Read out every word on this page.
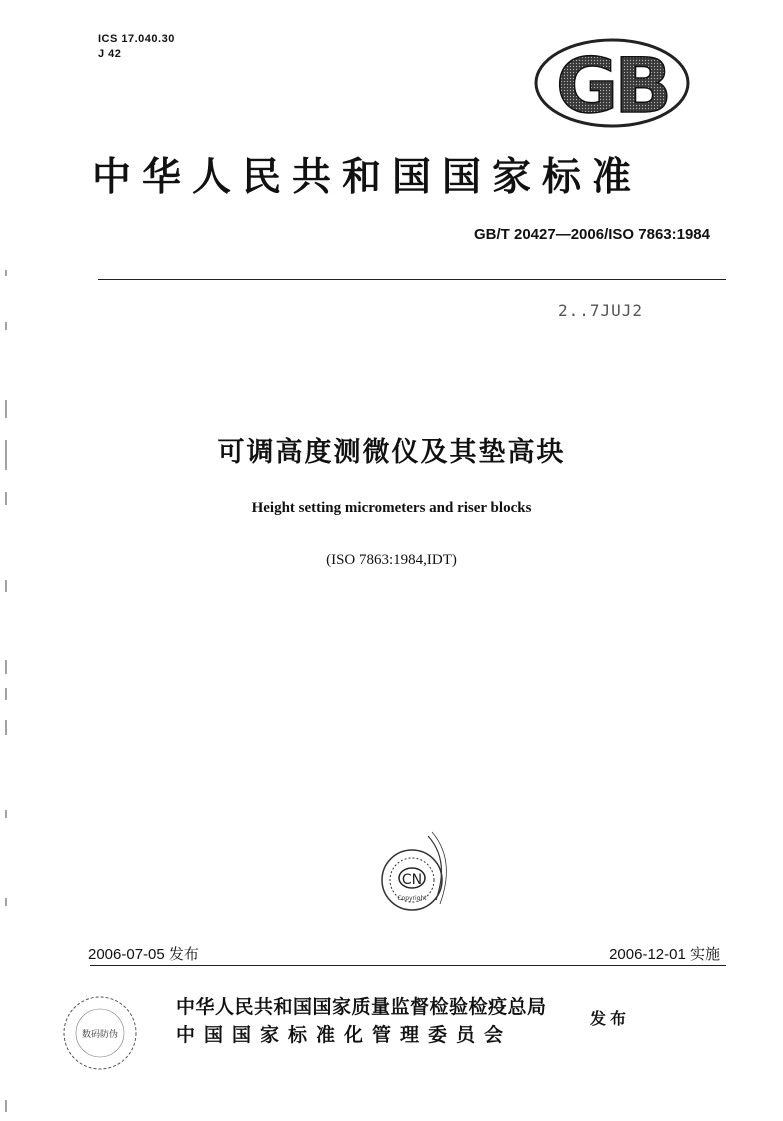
ICS 17.040.30
J 42	GB
中华人民共和国国家标准
GB/T 20427—2006/ISO 7863:1984
2..7JUJ2
可调高度测微仪及其垫高块
Height setting micrometers and riser blocks
(ISO 7863:1984,IDT)
CN
Copyright
2006-07-05 发布	2006-12-01 实施
数码防伪
中华人民共和国国家质量监督检验检疫总局
中国国家标准化管理委员会
发布
